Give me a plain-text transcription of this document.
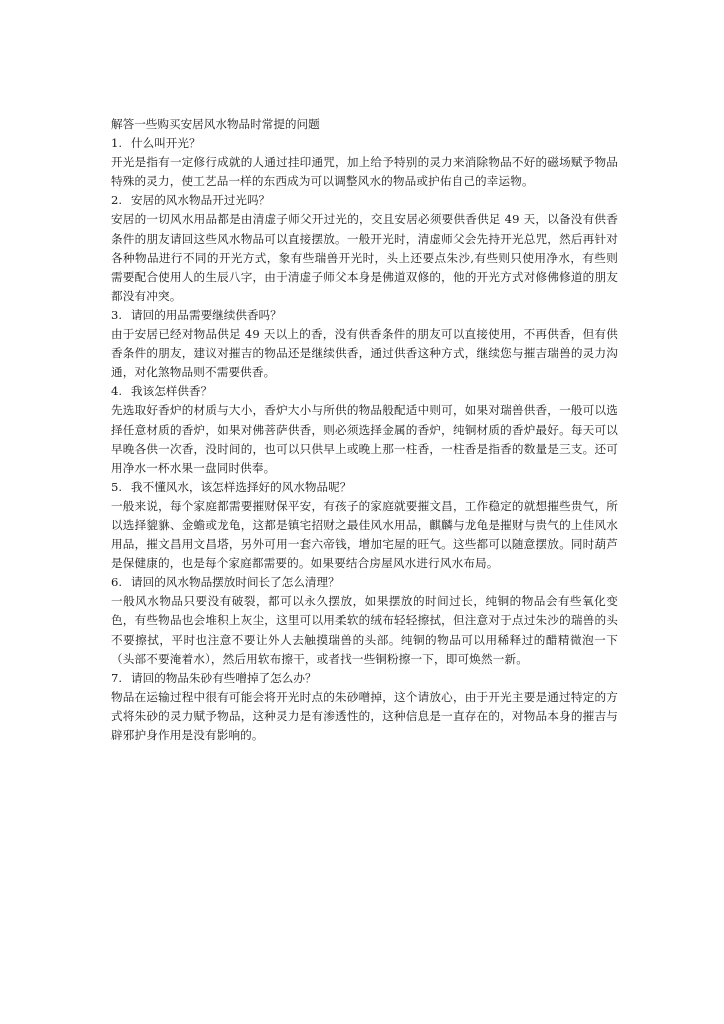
解答一些购买安居风水物品时常提的问题

1. 什么叫开光？

开光是指有一定修行成就的人通过挂印通咒，加上给予特别的灵力来消除物品不好的磁场赋予物品特殊的灵力，使工艺品一样的东西成为可以调整风水的物品或护佑自己的幸运物。

2. 安居的风水物品开过光吗？

安居的一切风水用品都是由清虚子师父开过光的，交且安居必须要供香供足 49 天，以备没有供香条件的朋友请回这些风水物品可以直接摆放。一般开光时，清虚师父会先持开光总咒，然后再针对各种物品进行不同的开光方式，象有些瑞兽开光时，头上还要点朱沙,有些则只使用净水，有些则需要配合使用人的生辰八字，由于清虚子师父本身是佛道双修的，他的开光方式对修佛修道的朋友都没有冲突。

3. 请回的用品需要继续供香吗？

由于安居已经对物品供足 49 天以上的香，没有供香条件的朋友可以直接使用，不再供香，但有供香条件的朋友，建议对摧吉的物品还是继续供香，通过供香这种方式，继续您与摧吉瑞兽的灵力沟通，对化煞物品则不需要供香。

4. 我该怎样供香？

先选取好香炉的材质与大小，香炉大小与所供的物品般配适中则可，如果对瑞兽供香，一般可以选择任意材质的香炉，如果对佛菩萨供香，则必须选择金属的香炉，纯铜材质的香炉最好。每天可以早晚各供一次香，没时间的，也可以只供早上或晚上那一柱香，一柱香是指香的数量是三支。还可用净水一杯水果一盘同时供奉。

5. 我不懂风水，该怎样选择好的风水物品呢？

一般来说，每个家庭都需要摧财保平安，有孩子的家庭就要摧文昌，工作稳定的就想摧些贵气，所以选择貔貅、金蟾或龙龟，这都是镇宅招财之最佳风水用品，麒麟与龙龟是摧财与贵气的上佳风水用品，摧文昌用文昌塔，另外可用一套六帝钱，增加宅屋的旺气。这些都可以随意摆放。同时葫芦是保健康的，也是每个家庭都需要的。如果要结合房屋风水进行风水布局。

6. 请回的风水物品摆放时间长了怎么清理？

一般风水物品只要没有破裂，都可以永久摆放，如果摆放的时间过长，纯铜的物品会有些氧化变色，有些物品也会堆积上灰尘，这里可以用柔软的绒布轻轻擦拭，但注意对于点过朱沙的瑞兽的头不要擦拭，平时也注意不要让外人去触摸瑞兽的头部。纯铜的物品可以用稀释过的醋精微泡一下（头部不要淹着水），然后用软布擦干，或者找一些铜粉擦一下，即可焕然一新。

7. 请回的物品朱砂有些噌掉了怎么办？

物品在运输过程中很有可能会将开光时点的朱砂噌掉，这个请放心，由于开光主要是通过特定的方式将朱砂的灵力赋予物品，这种灵力是有渗透性的，这种信息是一直存在的，对物品本身的摧吉与辟邪护身作用是没有影响的。
